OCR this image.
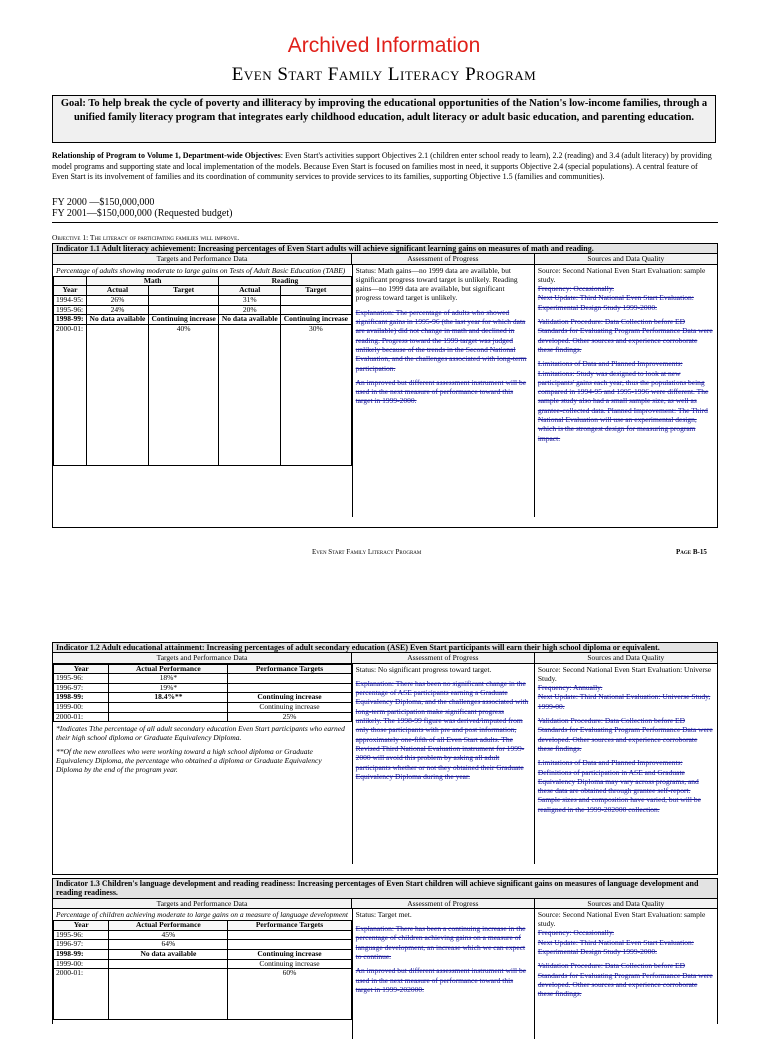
Archived Information
Even Start Family Literacy Program
Goal: To help break the cycle of poverty and illiteracy by improving the educational opportunities of the Nation's low-income families, through a unified family literacy program that integrates early childhood education, adult literacy or adult basic education, and parenting education.
Relationship of Program to Volume 1, Department-wide Objectives: Even Start's activities support Objectives 2.1 (children enter school ready to learn), 2.2 (reading) and 3.4 (adult literacy) by providing model programs and supporting state and local implementation of the models. Because Even Start is focused on families most in need, it supports Objective 2.4 (special populations). A central feature of Even Start is its involvement of families and its coordination of community services to provide services to its families, supporting Objective 1.5 (families and communities).
FY 2000 —$150,000,000
FY 2001—$150,000,000 (Requested budget)
Objective 1: The literacy of participating families will improve.
Indicator 1.1 Adult literacy achievement: Increasing percentages of Even Start adults will achieve significant learning gains on measures of math and reading.
Targets and Performance Data	Assessment of Progress	Sources and Data Quality
Percentage of adults showing moderate to large gains on Tests of Adult Basic Education (TABE)
	Math		Reading	
Year	Actual	Target	Actual	Target
1994-95:	26%		31%	
1995-96:	24%		20%	
1998-99:	No data available	Continuing increase	No data available	Continuing increase
2000-01:		40%		30%
Status: Math gains—no 1999 data are available, but significant progress toward target is unlikely. Reading gains—no 1999 data are available, but significant progress toward target is unlikely.
Explanation: The percentage of adults who showed significant gains in 1995-96 (the last year for which data are available) did not change in math and declined in reading. Progress toward the 1999 target was judged unlikely because of the trends in the Second National Evaluation, and the challenges associated with long-term participation.
An improved but different assessment instrument will be used in the next measure of performance toward this target in 1999-2000.
Source: Second National Even Start Evaluation: sample study.
Frequency: Occasionally.
Next Update: Third National Even Start Evaluation: Experimental Design Study 1999-2000.
Validation Procedure: Data Collection before ED Standards for Evaluating Program Performance Data were developed. Other sources and experience corroborate these findings.
Limitations of Data and Planned Improvements: Limitations: Study was designed to look at new participants' gains each year, thus the populations being compared in 1994-95 and 1995-1996 were different. The sample study also had a small sample size, as well as grantee-collected data. Planned Improvement: The Third National Evaluation will use an experimental design, which is the strongest design for measuring program impact.
Even Start Family Literacy Program	Page B-15
Indicator 1.2 Adult educational attainment: Increasing percentages of adult secondary education (ASE) Even Start participants will earn their high school diploma or equivalent.
Targets and Performance Data	Assessment of Progress	Sources and Data Quality
Year	Actual Performance	Performance Targets
1995-96:	18%*	
1996-97:	19%*	
1998-99:	18.4%**	Continuing increase
1999-00:		Continuing increase
2000-01:		25%
*Indicates Tthe percentage of all adult secondary education Even Start participants who earned their high school diploma or Graduate Equivalency Diploma.
**Of the new enrollees who were working toward a high school diploma or Graduate Equivalency Diploma, the percentage who obtained a diploma or Graduate Equivalency Diploma by the end of the program year.
Status: No significant progress toward target.
Explanation: There has been no significant change in the percentage of ASE participants earning a Graduate Equivalency Diploma, and the challenges associated with long-term participation make significant progress unlikely. The 1998-99 figure was derived/imputed from only those participants with pre and post information, approximately one-fifth of all Even Start adults. The Revised Third National Evaluation instrument for 1999-2000 will avoid this problem by asking all adult participants whether or not they obtained their Graduate Equivalency Diploma during the year.
Source: Second National Even Start Evaluation: Universe Study.
Frequency: Annually.
Next Update: Third National Evaluation: Universe Study, 1999-00.
Validation Procedure: Data Collection before ED Standards for Evaluating Program Performance Data were developed. Other sources and experience corroborate these findings.
Limitations of Data and Planned Improvements: Definitions of participation in ASE and Graduate Equivalency Diploma may vary across programs, and these data are obtained through grantee self-report. Sample sizes and composition have varied, but will be realigned in the 1999-202000 collection.
Indicator 1.3 Children's language development and reading readiness: Increasing percentages of Even Start children will achieve significant gains on measures of language development and reading readiness.
Targets and Performance Data	Assessment of Progress	Sources and Data Quality
Percentage of children achieving moderate to large gains on a measure of language development
Year	Actual Performance	Performance Targets
1995-96:	45%	
1996-97:	64%	
1998-99:	No data available	Continuing increase
1999-00:		Continuing increase
2000-01:		60%
Status: Target met.
Explanation: There has been a continuing increase in the percentage of children achieving gains on a measure of language development, an increase which we can expect to continue.
An improved but different assessment instrument will be used in the next measure of performance toward this target in 1999-202000.
Source: Second National Even Start Evaluation: sample study.
Frequency: Occasionally.
Next Update: Third National Even Start Evaluation: Experimental Design Study 1999-2000.
Validation Procedure: Data Collection before ED Standards for Evaluating Program Performance Data were developed. Other sources and experience corroborate these findings.
